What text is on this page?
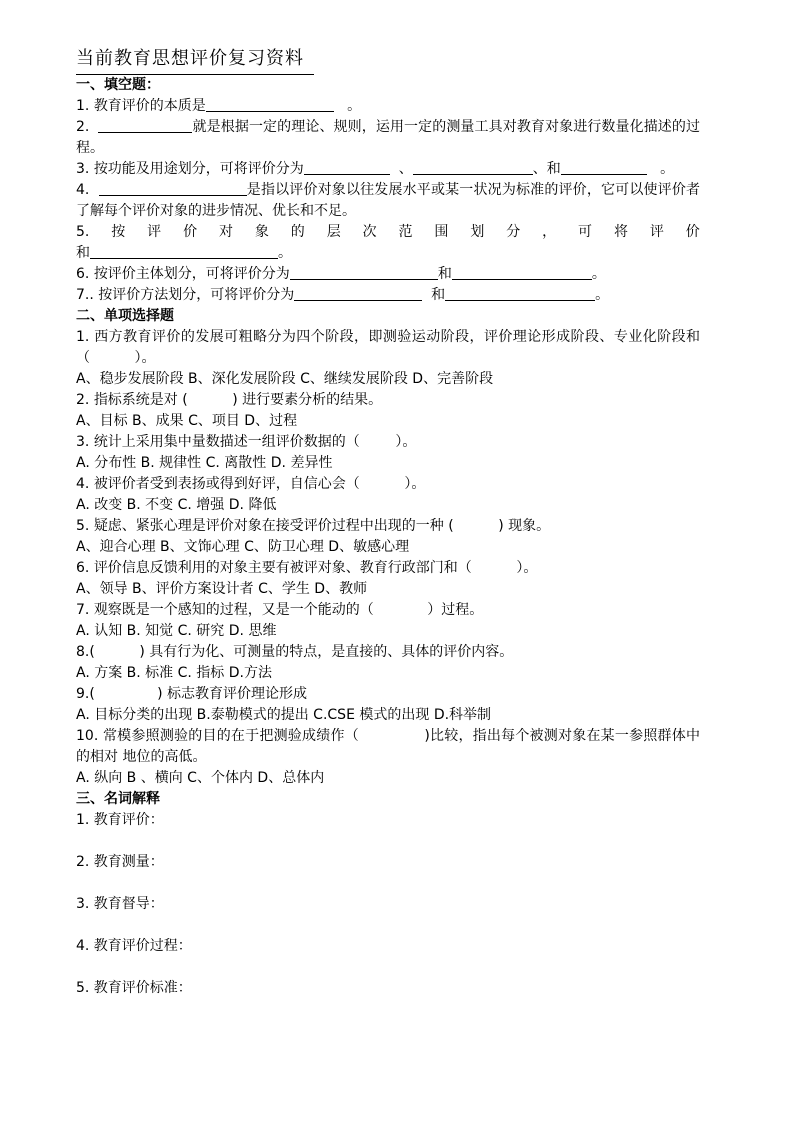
当前教育思想评价复习资料
一、填空题：
1. 教育评价的本质是	。
2.	就是根据一定的理论、规则，运用一定的测量工具对教育对象进行数量化描述的过程。
3. 按功能及用途划分，可将评价分为	、	、和	。
4.	是指以评价对象以往发展水平或某一状况为标准的评价，它可以使评价者了解每个评价对象的进步情况、优长和不足。
5. 按 评 价 对 象 的 层 次 范 围 划 分 ， 可 将 评 价
和	。
6. 按评价主体划分，可将评价分为	和	。
7.. 按评价方法划分，可将评价分为	和	。
二、单项选择题
1. 西方教育评价的发展可粗略分为四个阶段，即测验运动阶段，评价理论形成阶段、专业化阶段和（	）。
A、稳步发展阶段 B、深化发展阶段 C、继续发展阶段 D、完善阶段
2. 指标系统是对 (	) 进行要素分析的结果。
A、目标 B、成果 C、项目 D、过程
3. 统计上采用集中量数描述一组评价数据的（	）。
A. 分布性 B. 规律性 C. 离散性 D. 差异性
4. 被评价者受到表扬或得到好评，自信心会（	）。
A. 改变 B. 不变 C. 增强 D. 降低
5. 疑虑、紧张心理是评价对象在接受评价过程中出现的一种 (	) 现象。
A、迎合心理 B、文饰心理 C、防卫心理 D、敏感心理
6. 评价信息反馈利用的对象主要有被评对象、教育行政部门和（	）。
A、领导 B、评价方案设计者 C、学生 D、教师
7. 观察既是一个感知的过程，又是一个能动的（	）过程。
A. 认知 B. 知觉 C. 研究 D. 思维
8.(	) 具有行为化、可测量的特点，是直接的、具体的评价内容。
A. 方案 B. 标准 C. 指标 D.方法
9.(	) 标志教育评价理论形成
A. 目标分类的出现 B.泰勒模式的提出 C.CSE 模式的出现 D.科举制
10. 常模参照测验的目的在于把测验成绩作（	)比较，指出每个被测对象在某一参照群体中的相对 地位的高低。
A. 纵向 B 、横向 C、个体内 D、总体内
三、名词解释
1. 教育评价：
2. 教育测量：
3. 教育督导：
4. 教育评价过程：
5. 教育评价标准：
